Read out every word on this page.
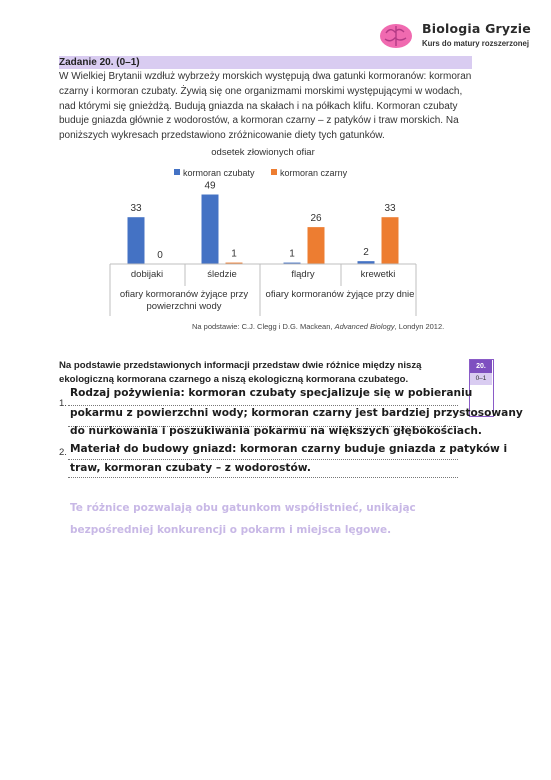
Biologia Gryzie
Kurs do matury rozszerzonej
Zadanie 20. (0–1)
W Wielkiej Brytanii wzdłuż wybrzeży morskich występują dwa gatunki kormoranów: kormoran czarny i kormoran czubaty. Żywią się one organizmami morskimi występującymi w wodach, nad którymi się gnieżdżą. Budują gniazda na skałach i na półkach klifu. Kormoran czubaty buduje gniazda głównie z wodorostów, a kormoran czarny – z patyków i traw morskich. Na poniższych wykresach przedstawiono zróżnicowanie diety tych gatunków.
33
0
49
1	1
26
2
33
odsetek złowionych ofiar
kormoran czubaty	kormoran czarny
dobijaki	śledzie	flądry	krewetki
ofiary kormoranów żyjące przy powierzchni wody
ofiary kormoranów żyjące przy dnie
Na podstawie: C.J. Clegg i D.G. Mackean, Advanced Biology, Londyn 2012.
Na podstawie przedstawionych informacji przedstaw dwie różnice między niszą ekologiczną kormorana czarnego a niszą ekologiczną kormorana czubatego.
20.
0–1
1.
Rodzaj pożywienia: kormoran czubaty specjalizuje się w pobieraniu
pokarmu z powierzchni wody; kormoran czarny jest bardziej przystosowany
do nurkowania i poszukiwania pokarmu na większych głębokościach.
2. Materiał do budowy gniazd: kormoran czarny buduje gniazda z patyków i
traw, kormoran czubaty – z wodorostów.
Te różnice pozwalają obu gatunkom współistnieć, unikając bezpośredniej konkurencji o pokarm i miejsca lęgowe.
